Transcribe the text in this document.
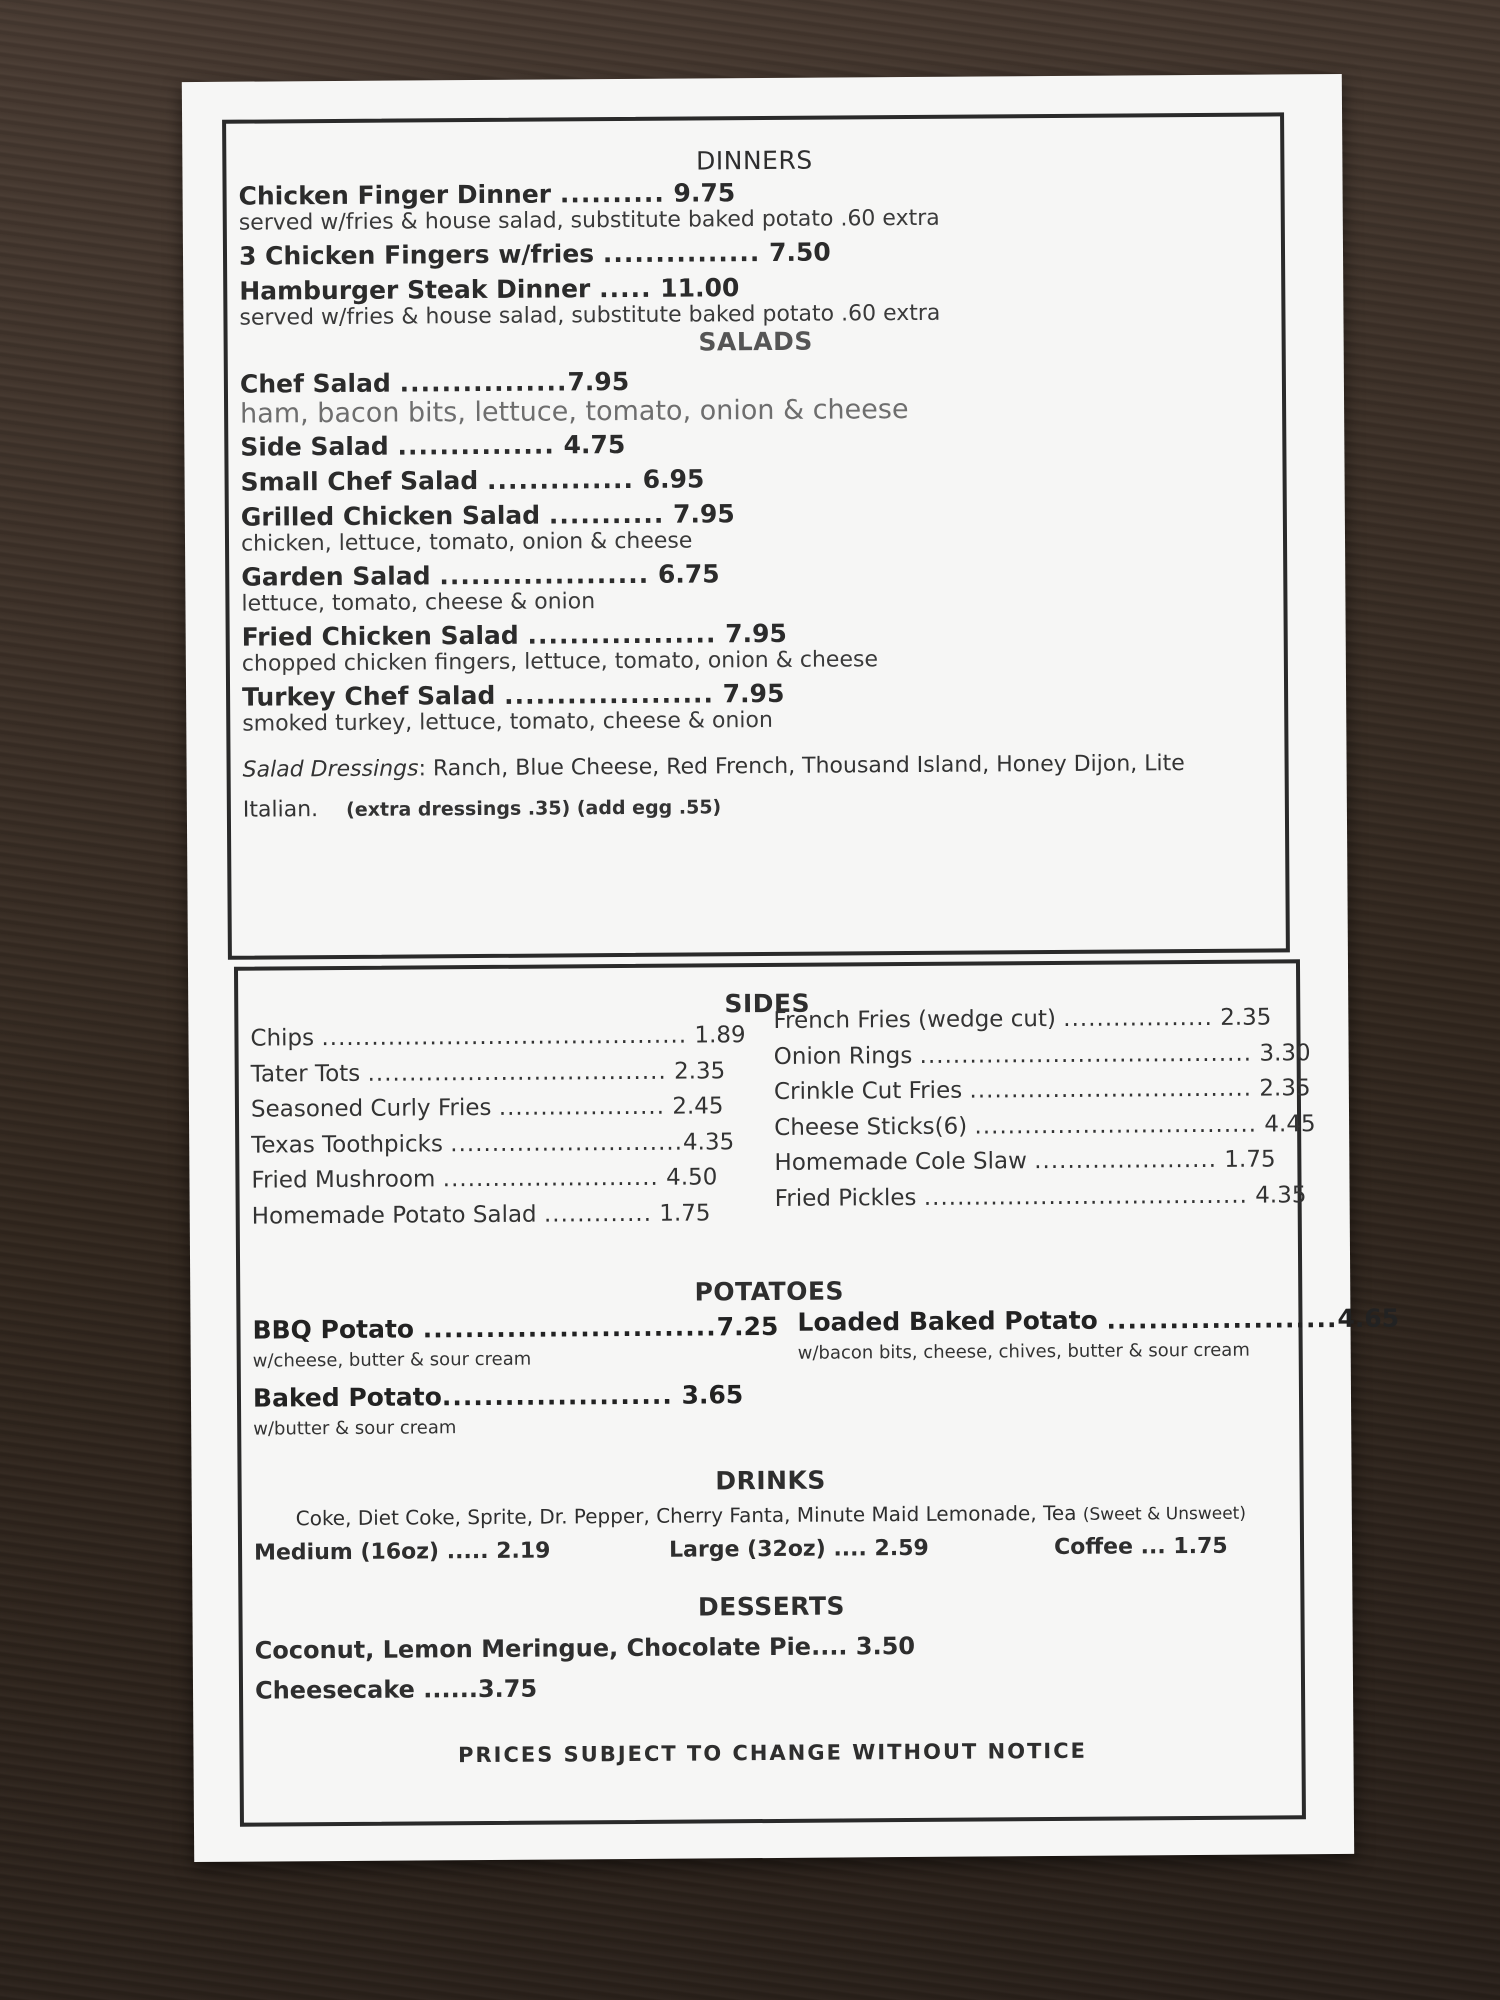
DINNERS

Chicken Finger Dinner .......... 9.75

served w/fries & house salad, substitute baked potato .60 extra

3 Chicken Fingers w/fries ............... 7.50

Hamburger Steak Dinner ..... 11.00

served w/fries & house salad, substitute baked potato .60 extra

SALADS

Chef Salad ................7.95

ham, bacon bits, lettuce, tomato, onion & cheese

Side Salad ............... 4.75

Small Chef Salad .............. 6.95

Grilled Chicken Salad ........... 7.95

chicken, lettuce, tomato, onion & cheese

Garden Salad .................... 6.75

lettuce, tomato, cheese & onion

Fried Chicken Salad .................. 7.95

chopped chicken fingers, lettuce, tomato, onion & cheese

Turkey Chef Salad .................... 7.95

smoked turkey, lettuce, tomato, cheese & onion

Salad Dressings: Ranch, Blue Cheese, Red French, Thousand Island, Honey Dijon, Lite
Italian. (extra dressings .35) (add egg .55)

SIDES

Chips ............................................ 1.89
Tater Tots .................................... 2.35
Seasoned Curly Fries .................... 2.45
Texas Toothpicks ............................4.35
Fried Mushroom .......................... 4.50
Homemade Potato Salad ............. 1.75
French Fries (wedge cut) .................. 2.35
Onion Rings ........................................ 3.30
Crinkle Cut Fries .................................. 2.35
Cheese Sticks(6) .................................. 4.45
Homemade Cole Slaw ...................... 1.75
Fried Pickles ....................................... 4.35

POTATOES

BBQ Potato ............................7.25
w/cheese, butter & sour cream
Baked Potato...................... 3.65
w/butter & sour cream
Loaded Baked Potato ......................4.65
w/bacon bits, cheese, chives, butter & sour cream

DRINKS

Coke, Diet Coke, Sprite, Dr. Pepper, Cherry Fanta, Minute Maid Lemonade, Tea (Sweet & Unsweet)
Medium (16oz) ..... 2.19	Large (32oz) .... 2.59	Coffee ... 1.75

DESSERTS

Coconut, Lemon Meringue, Chocolate Pie.... 3.50
Cheesecake ......3.75
PRICES SUBJECT TO CHANGE WITHOUT NOTICE
